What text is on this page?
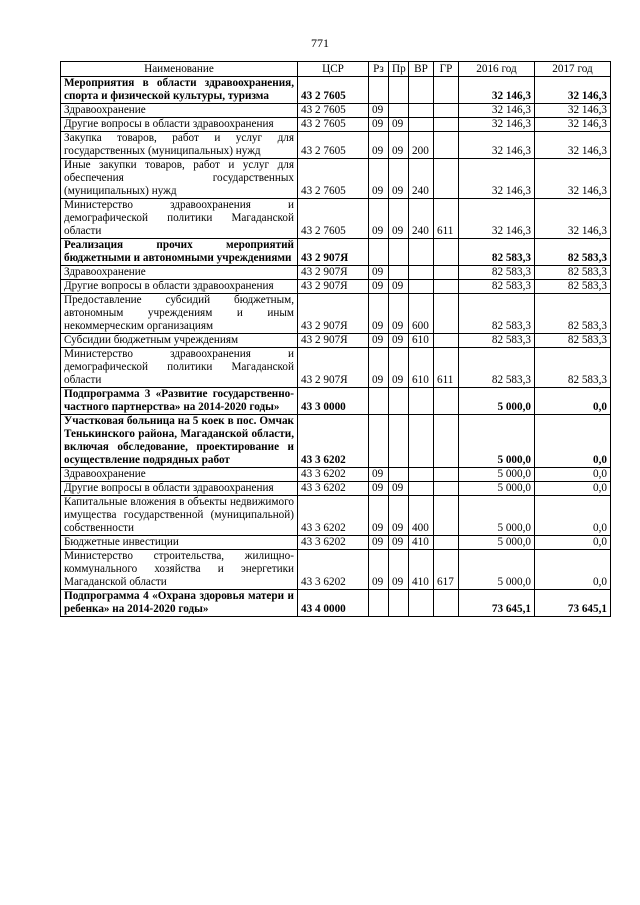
771
Наименование	ЦСР	Рз	Пр	ВР	ГР	2016 год	2017 год
Мероприятия в области здравоохранения, спорта и физической культуры, туризма	43 2 7605					32 146,3	32 146,3
Здравоохранение	43 2 7605	09				32 146,3	32 146,3
Другие вопросы в области здравоохранения	43 2 7605	09	09			32 146,3	32 146,3
Закупка товаров, работ и услуг для государственных (муниципальных) нужд	43 2 7605	09	09	200		32 146,3	32 146,3
Иные закупки товаров, работ и услуг для обеспечения государственных (муниципальных) нужд	43 2 7605	09	09	240		32 146,3	32 146,3
Министерство здравоохранения и демографической политики Магаданской области	43 2 7605	09	09	240	611	32 146,3	32 146,3
Реализация прочих мероприятий бюджетными и автономными учреждениями	43 2 907Я					82 583,3	82 583,3
Здравоохранение	43 2 907Я	09				82 583,3	82 583,3
Другие вопросы в области здравоохранения	43 2 907Я	09	09			82 583,3	82 583,3
Предоставление субсидий бюджетным, автономным учреждениям и иным некоммерческим организациям	43 2 907Я	09	09	600		82 583,3	82 583,3
Субсидии бюджетным учреждениям	43 2 907Я	09	09	610		82 583,3	82 583,3
Министерство здравоохранения и демографической политики Магаданской области	43 2 907Я	09	09	610	611	82 583,3	82 583,3
Подпрограмма 3 «Развитие государственно-частного партнерства» на 2014-2020 годы»	43 3 0000					5 000,0	0,0
Участковая больница на 5 коек в пос. Омчак Тенькинского района, Магаданской области, включая обследование, проектирование и осуществление подрядных работ	43 3 6202					5 000,0	0,0
Здравоохранение	43 3 6202	09				5 000,0	0,0
Другие вопросы в области здравоохранения	43 3 6202	09	09			5 000,0	0,0
Капитальные вложения в объекты недвижимого имущества государственной (муниципальной) собственности	43 3 6202	09	09	400		5 000,0	0,0
Бюджетные инвестиции	43 3 6202	09	09	410		5 000,0	0,0
Министерство строительства, жилищно-коммунального хозяйства и энергетики Магаданской области	43 3 6202	09	09	410	617	5 000,0	0,0
Подпрограмма 4 «Охрана здоровья матери и ребенка» на 2014-2020 годы»	43 4 0000					73 645,1	73 645,1
